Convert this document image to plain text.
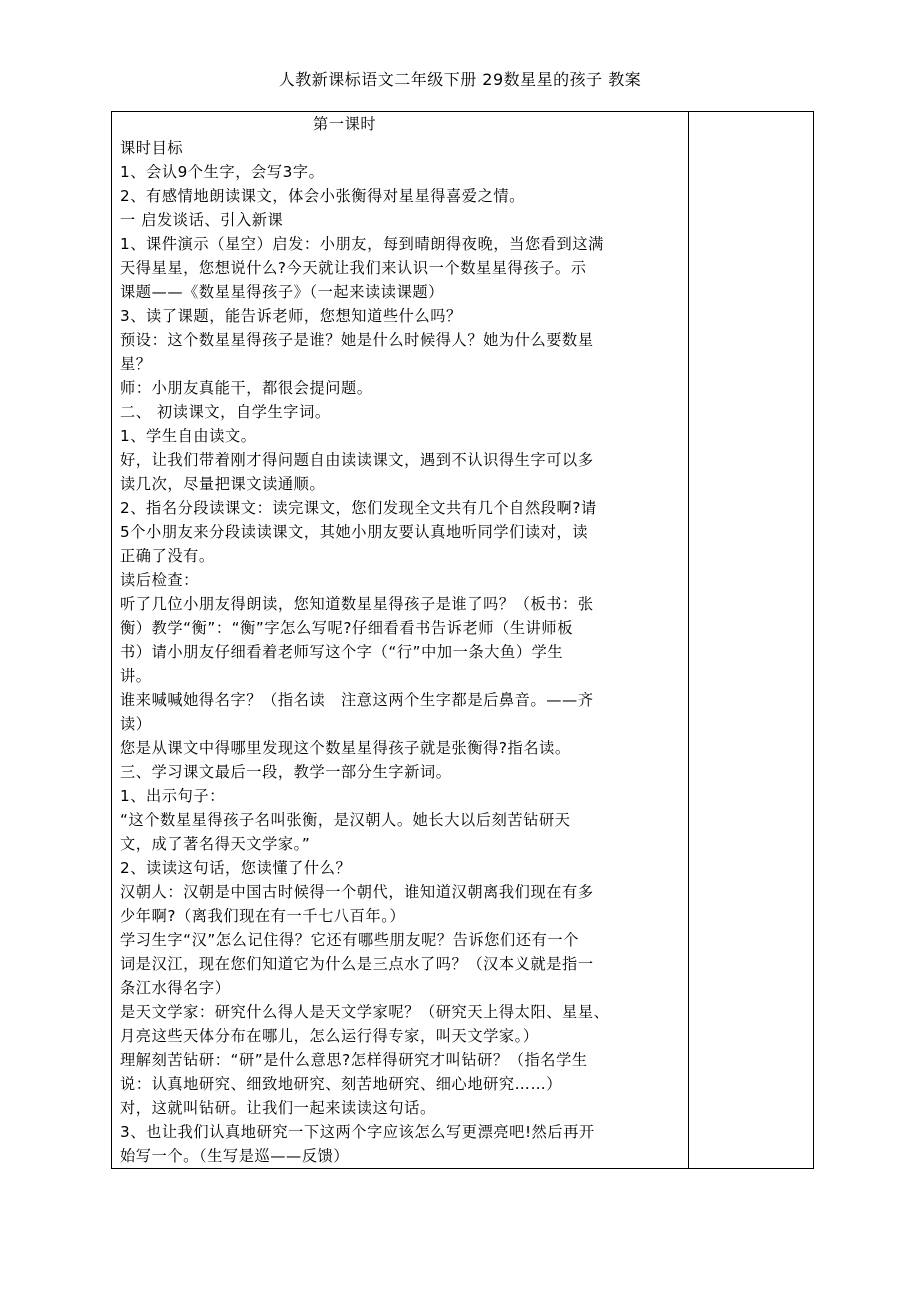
人教新课标语文二年级下册 29数星星的孩子 教案
第一课时
课时目标
1、会认9个生字，会写3字。
2、有感情地朗读课文，体会小张衡得对星星得喜爱之情。
一 启发谈话、引入新课
1、课件演示（星空）启发：小朋友，每到晴朗得夜晚，当您看到这满
天得星星，您想说什么?今天就让我们来认识一个数星星得孩子。示
课题——《数星星得孩子》（一起来读读课题）
3、读了课题，能告诉老师，您想知道些什么吗？
预设：这个数星星得孩子是谁？她是什么时候得人？她为什么要数星
星？
师：小朋友真能干，都很会提问题。
二、 初读课文，自学生字词。
1、学生自由读文。
好，让我们带着刚才得问题自由读读课文，遇到不认识得生字可以多
读几次，尽量把课文读通顺。
2、指名分段读课文：读完课文，您们发现全文共有几个自然段啊?请
5个小朋友来分段读读课文，其她小朋友要认真地听同学们读对，读
正确了没有。
读后检查：
听了几位小朋友得朗读，您知道数星星得孩子是谁了吗？（板书：张
衡）教学“衡”：“衡”字怎么写呢?仔细看看书告诉老师（生讲师板
书）请小朋友仔细看着老师写这个字（“行”中加一条大鱼）学生
讲。
谁来喊喊她得名字？（指名读　注意这两个生字都是后鼻音。——齐
读）
您是从课文中得哪里发现这个数星星得孩子就是张衡得?指名读。
三、学习课文最后一段，教学一部分生字新词。
1、出示句子：
“这个数星星得孩子名叫张衡，是汉朝人。她长大以后刻苦钻研天
文，成了著名得天文学家。”
2、读读这句话，您读懂了什么？
汉朝人：汉朝是中国古时候得一个朝代，谁知道汉朝离我们现在有多
少年啊?（离我们现在有一千七八百年。）
学习生字“汉”怎么记住得？它还有哪些朋友呢？告诉您们还有一个
词是汉江，现在您们知道它为什么是三点水了吗？（汉本义就是指一
条江水得名字）
是天文学家：研究什么得人是天文学家呢？（研究天上得太阳、星星、
月亮这些天体分布在哪儿，怎么运行得专家，叫天文学家。）
理解刻苦钻研：“研”是什么意思?怎样得研究才叫钻研？（指名学生
说：认真地研究、细致地研究、刻苦地研究、细心地研究……）
对，这就叫钻研。让我们一起来读读这句话。
3、也让我们认真地研究一下这两个字应该怎么写更漂亮吧!然后再开
始写一个。（生写是巡——反馈）
